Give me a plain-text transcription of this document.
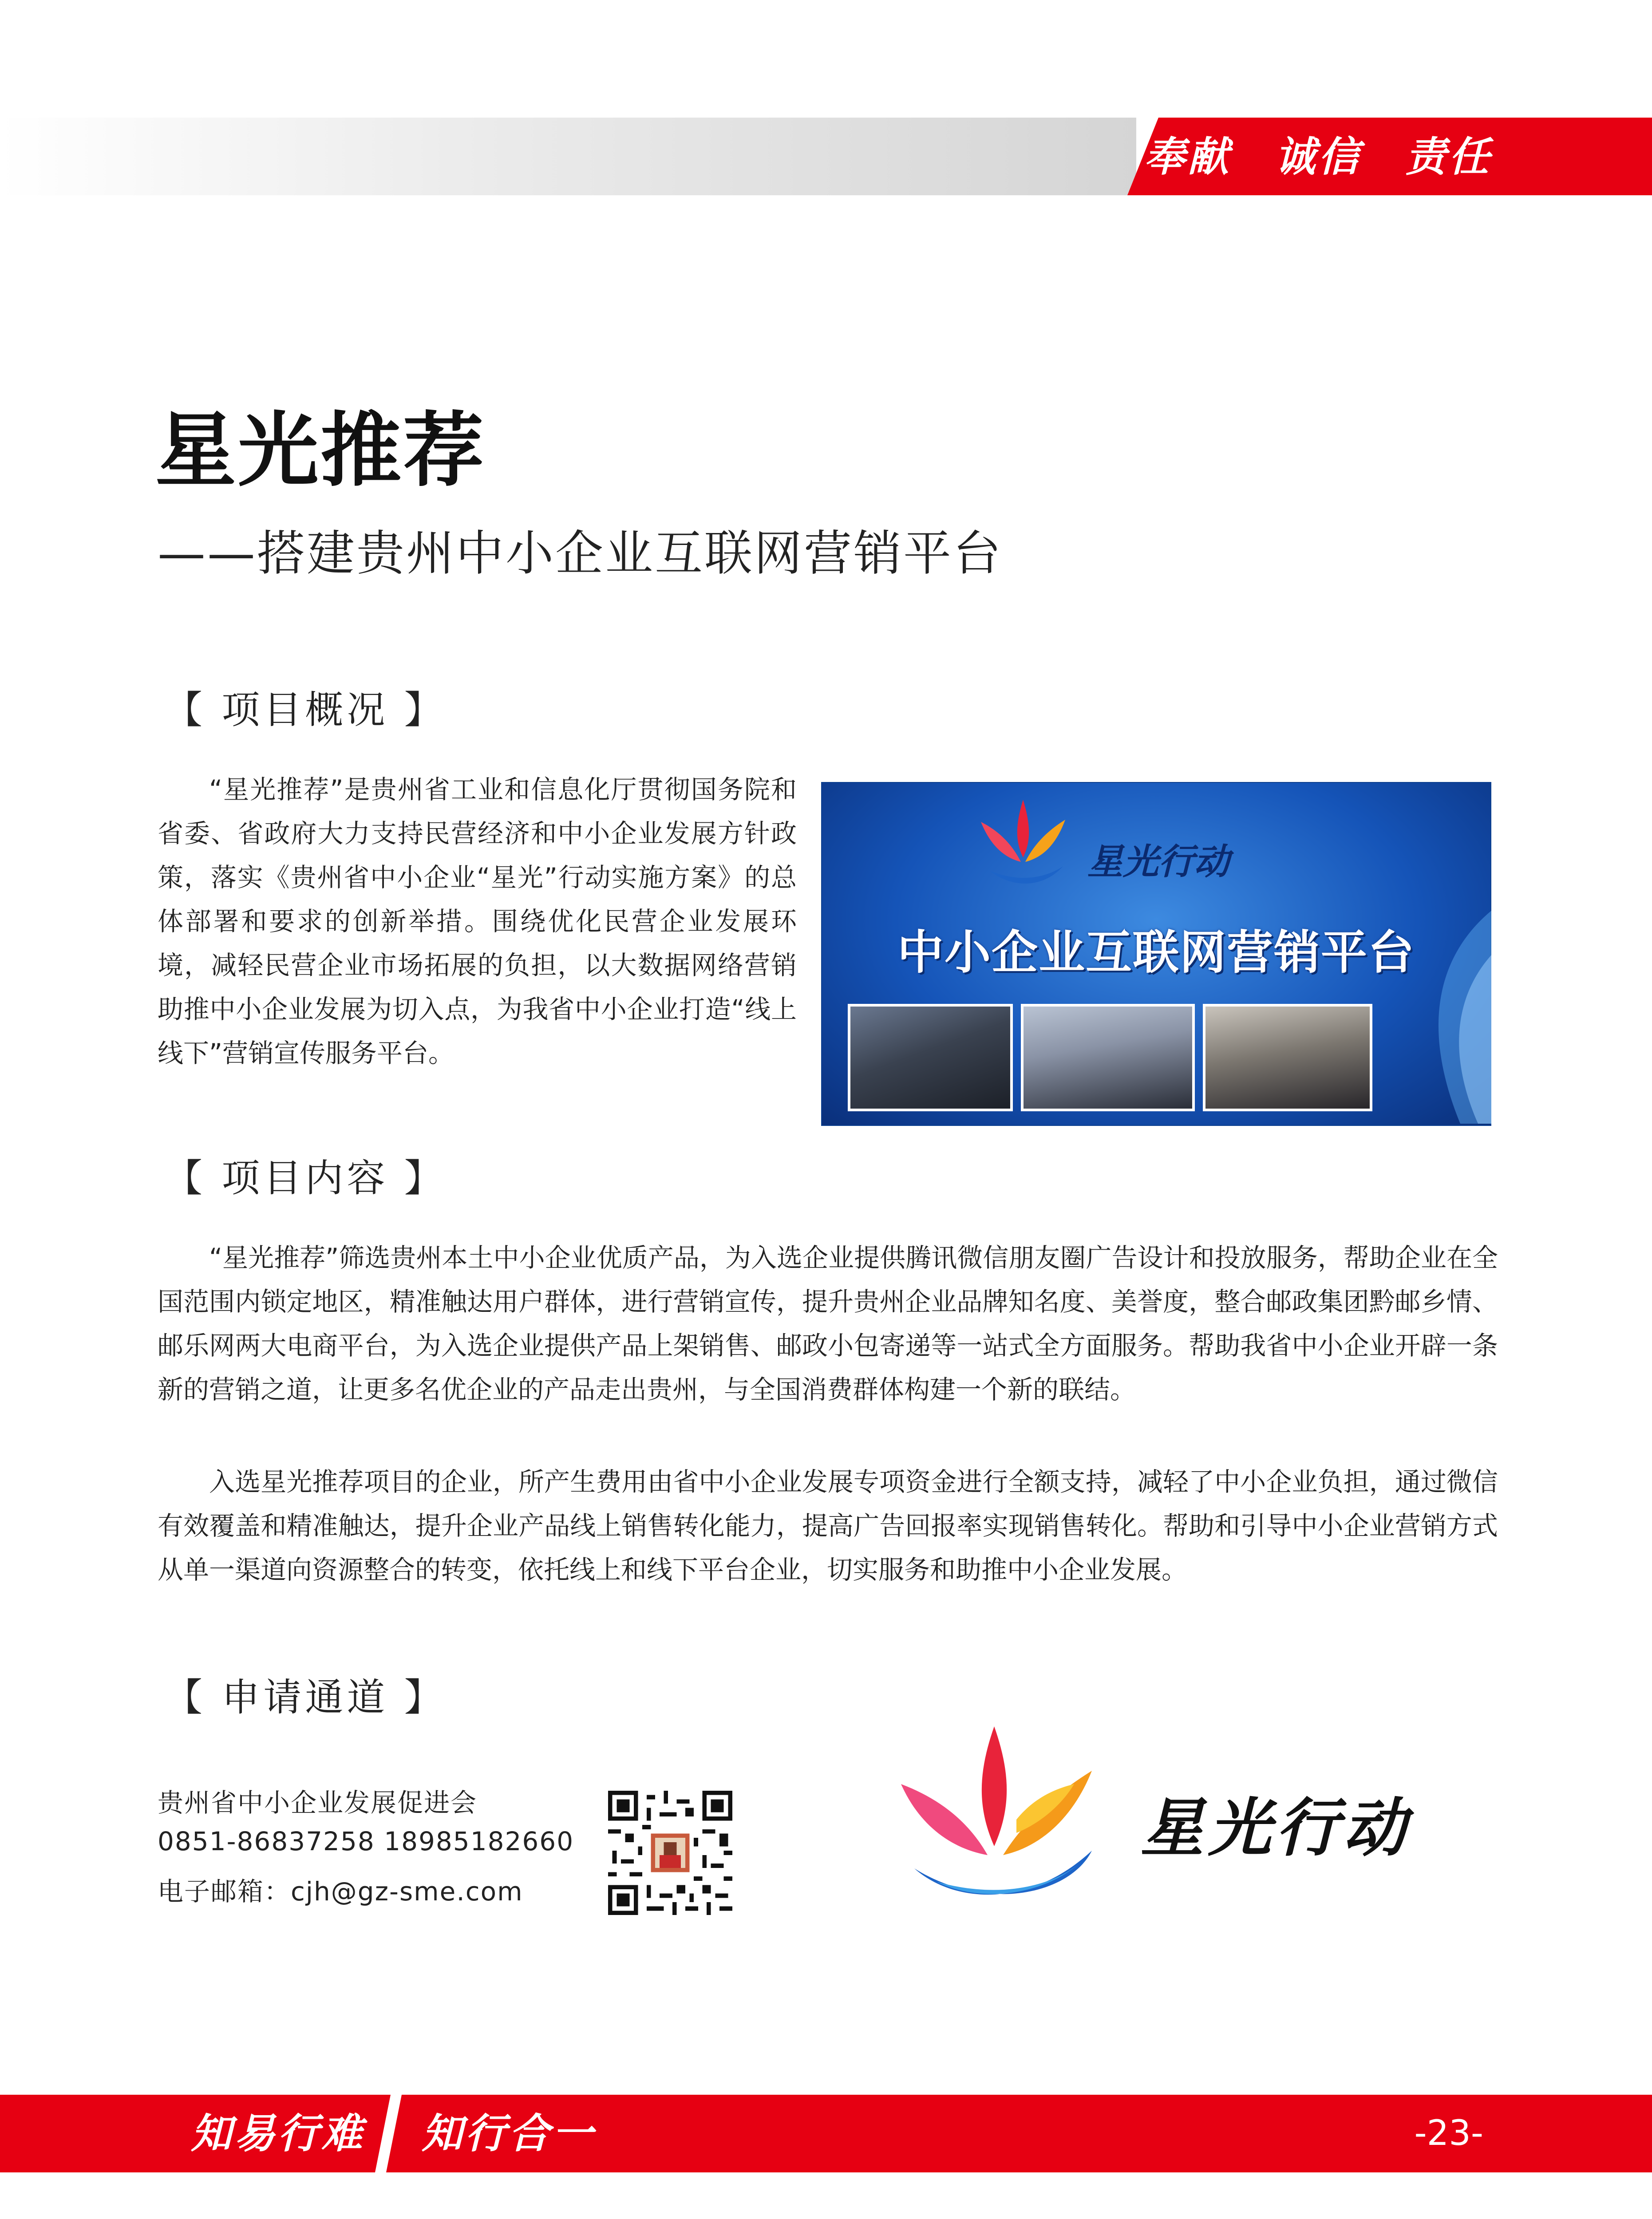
奉献　诚信　责任
星光推荐
——搭建贵州中小企业互联网营销平台
【 项目概况 】

“星光推荐”是贵州省工业和信息化厅贯彻国务院和省委、省政府大力支持民营经济和中小企业发展方针政策，落实《贵州省中小企业“星光”行动实施方案》的总体部署和要求的创新举措。围绕优化民营企业发展环境，减轻民营企业市场拓展的负担，以大数据网络营销助推中小企业发展为切入点，为我省中小企业打造“线上线下”营销宣传服务平台。

星光行动
中小企业互联网营销平台
【 项目内容 】

“星光推荐”筛选贵州本土中小企业优质产品，为入选企业提供腾讯微信朋友圈广告设计和投放服务，帮助企业在全国范围内锁定地区，精准触达用户群体，进行营销宣传，提升贵州企业品牌知名度、美誉度，整合邮政集团黔邮乡情、邮乐网两大电商平台，为入选企业提供产品上架销售、邮政小包寄递等一站式全方面服务。帮助我省中小企业开辟一条新的营销之道，让更多名优企业的产品走出贵州，与全国消费群体构建一个新的联结。

入选星光推荐项目的企业，所产生费用由省中小企业发展专项资金进行全额支持，减轻了中小企业负担，通过微信有效覆盖和精准触达，提升企业产品线上销售转化能力，提高广告回报率实现销售转化。帮助和引导中小企业营销方式从单一渠道向资源整合的转变，依托线上和线下平台企业，切实服务和助推中小企业发展。

【 申请通道 】
贵州省中小企业发展促进会
0851-86837258 18985182660
电子邮箱：cjh@gz-sme.com
星光行动
知易行难 知行合一	-23-
